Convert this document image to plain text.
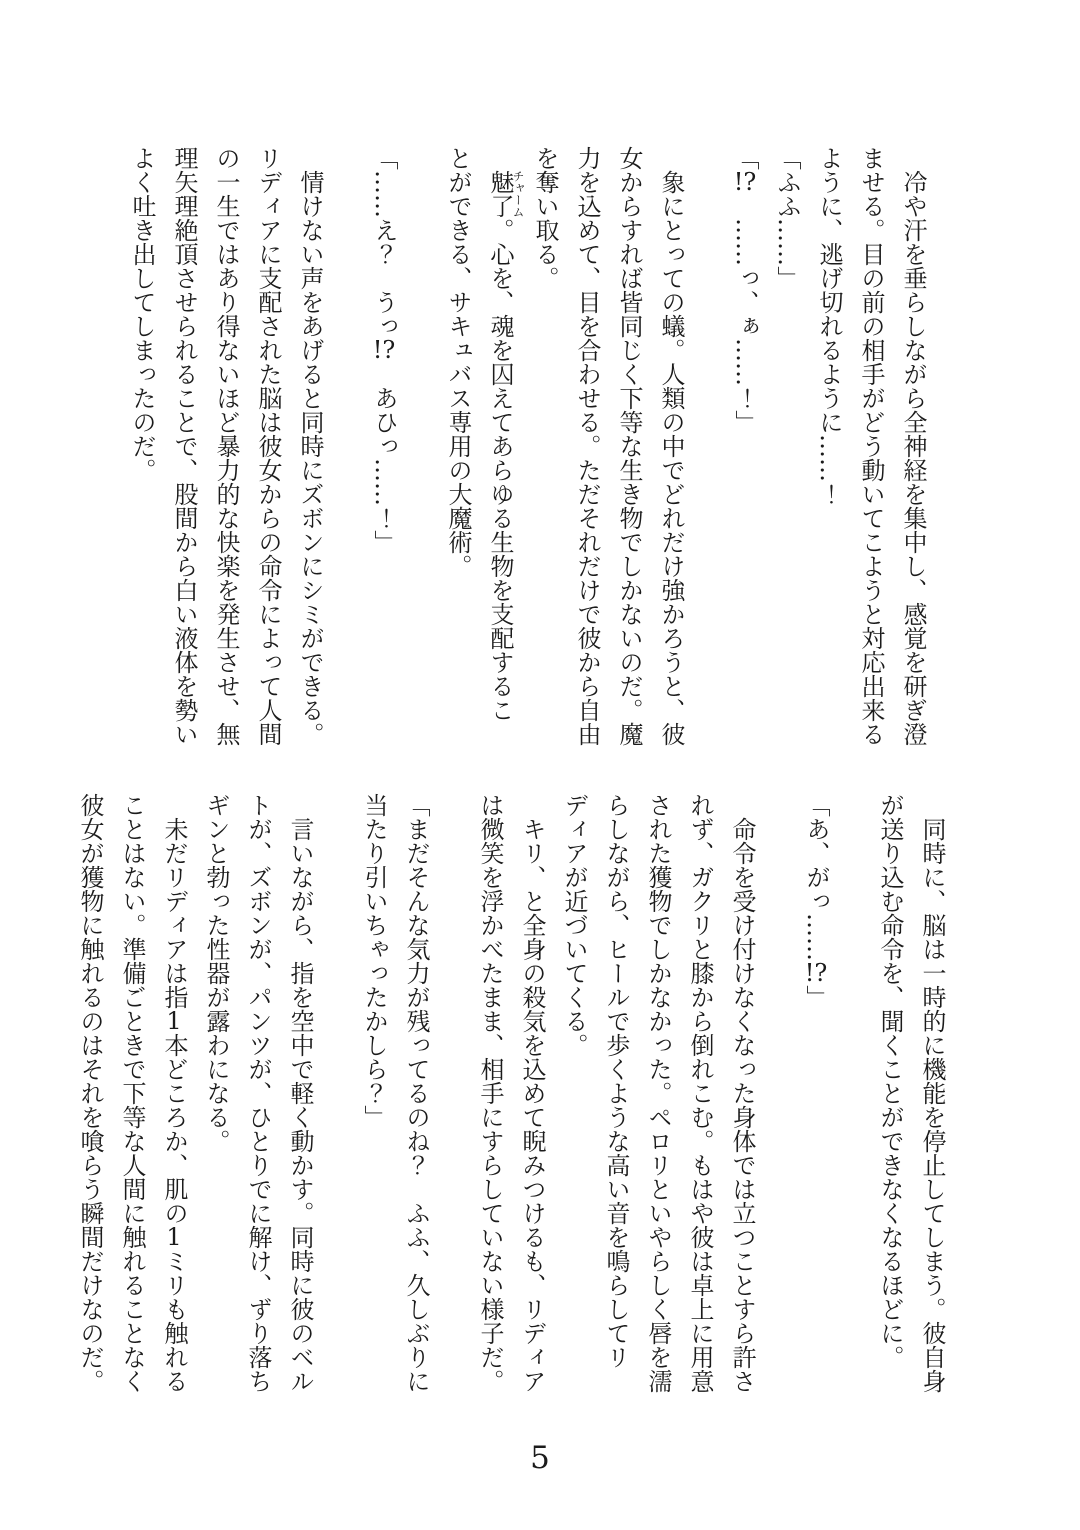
冷や汗を垂らしながら全神経を集中し、感覚を研ぎ澄

ませる。目の前の相手がどう動いてこようと対応出来る

ように、逃げ切れるように……！

「ふふ……」

「!?　……っ、ぁ……！」

象にとっての蟻。人類の中でどれだけ強かろうと、彼

女からすれば皆同じく下等な生き物でしかないのだ。魔

力を込めて、目を合わせる。ただそれだけで彼から自由

を奪い取る。

魅了チャーム。心を、魂を囚えてあらゆる生物を支配するこ

とができる、サキュバス専用の大魔術。

「……え？　うっ!?　あひっ……！」

情けない声をあげると同時にズボンにシミができる。

リディアに支配された脳は彼女からの命令によって人間

の一生ではあり得ないほど暴力的な快楽を発生させ、無

理矢理絶頂させられることで、股間から白い液体を勢い

よく吐き出してしまったのだ。

同時に、脳は一時的に機能を停止してしまう。彼自身

が送り込む命令を、聞くことができなくなるほどに。

「あ、がっ……!?」

命令を受け付けなくなった身体では立つことすら許さ

れず、ガクリと膝から倒れこむ。もはや彼は卓上に用意

された獲物でしかなかった。ペロリといやらしく唇を濡

らしながら、ヒールで歩くような高い音を鳴らしてリ

ディアが近づいてくる。

キリ、と全身の殺気を込めて睨みつけるも、リディア

は微笑を浮かべたまま、相手にすらしていない様子だ。

「まだそんな気力が残ってるのね？　ふふ、久しぶりに

当たり引いちゃったかしら？」

言いながら、指を空中で軽く動かす。同時に彼のベル

トが、ズボンが、パンツが、ひとりでに解け、ずり落ち

ギンと勃った性器が露わになる。

未だリディアは指1本どころか、肌の1ミリも触れる

ことはない。準備ごときで下等な人間に触れることなく

彼女が獲物に触れるのはそれを喰らう瞬間だけなのだ。

5
